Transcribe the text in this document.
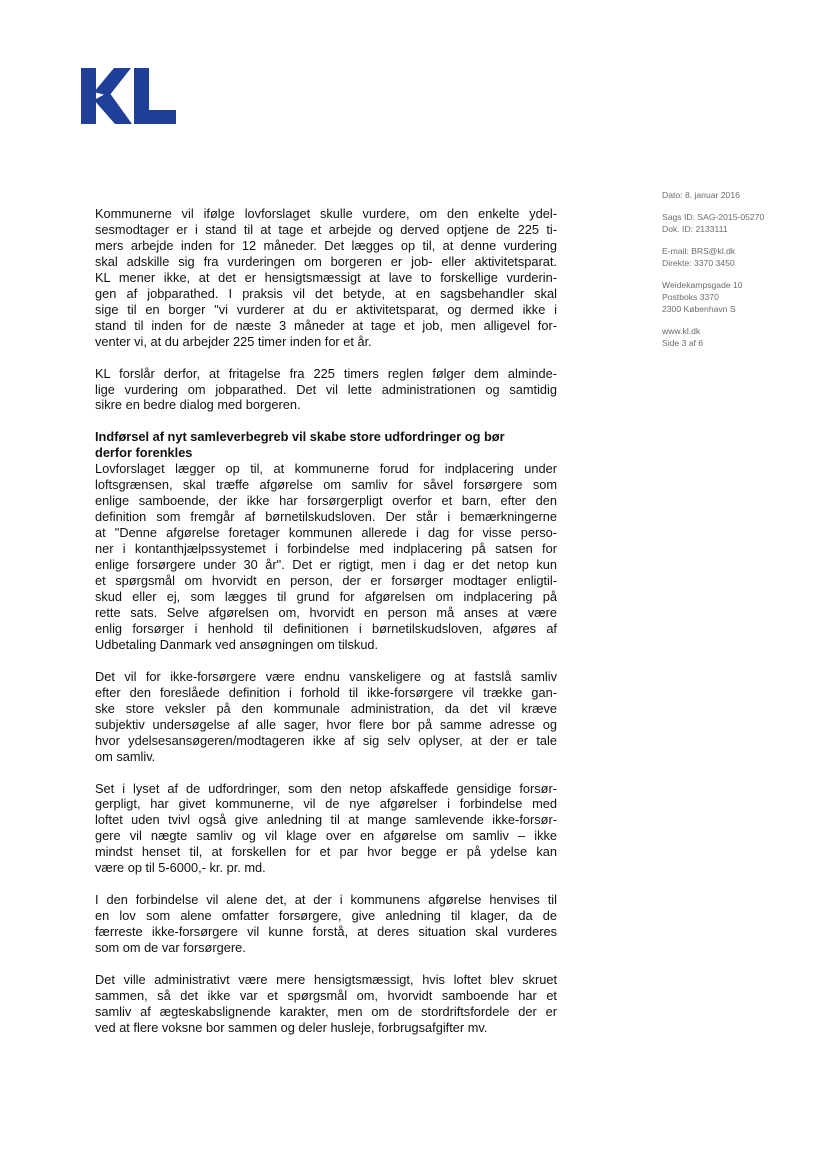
Dato: 8. januar 2016
Sags ID: SAG-2015-05270
Dok. ID: 2133111
E-mail: BRS@kl.dk
Direkte: 3370 3450
Weidekampsgade 10
Postboks 3370
2300 København S
www.kl.dk
Side 3 af 6

Kommunerne vil ifølge lovforslaget skulle vurdere, om den enkelte ydel-
sesmodtager er i stand til at tage et arbejde og derved optjene de 225 ti-
mers arbejde inden for 12 måneder. Det lægges op til, at denne vurdering
skal adskille sig fra vurderingen om borgeren er job- eller aktivitetsparat.
KL mener ikke, at det er hensigtsmæssigt at lave to forskellige vurderin-
gen af jobparathed. I praksis vil det betyde, at en sagsbehandler skal
sige til en borger "vi vurderer at du er aktivitetsparat, og dermed ikke i
stand til inden for de næste 3 måneder at tage et job, men alligevel for-
venter vi, at du arbejder 225 timer inden for et år.

KL forslår derfor, at fritagelse fra 225 timers reglen følger dem alminde-
lige vurdering om jobparathed. Det vil lette administrationen og samtidig
sikre en bedre dialog med borgeren.

Indførsel af nyt samleverbegreb vil skabe store udfordringer og bør
derfor forenkles

Lovforslaget lægger op til, at kommunerne forud for indplacering under
loftsgrænsen, skal træffe afgørelse om samliv for såvel forsørgere som
enlige samboende, der ikke har forsørgerpligt overfor et barn, efter den
definition som fremgår af børnetilskudsloven. Der står i bemærkningerne
at "Denne afgørelse foretager kommunen allerede i dag for visse perso-
ner i kontanthjælpssystemet i forbindelse med indplacering på satsen for
enlige forsørgere under 30 år". Det er rigtigt, men i dag er det netop kun
et spørgsmål om hvorvidt en person, der er forsørger modtager enligtil-
skud eller ej, som lægges til grund for afgørelsen om indplacering på
rette sats. Selve afgørelsen om, hvorvidt en person må anses at være
enlig forsørger i henhold til definitionen i børnetilskudsloven, afgøres af
Udbetaling Danmark ved ansøgningen om tilskud.

Det vil for ikke-forsørgere være endnu vanskeligere og at fastslå samliv
efter den foreslåede definition i forhold til ikke-forsørgere vil trække gan-
ske store veksler på den kommunale administration, da det vil kræve
subjektiv undersøgelse af alle sager, hvor flere bor på samme adresse og
hvor ydelsesansøgeren/modtageren ikke af sig selv oplyser, at der er tale
om samliv.

Set i lyset af de udfordringer, som den netop afskaffede gensidige forsør-
gerpligt, har givet kommunerne, vil de nye afgørelser i forbindelse med
loftet uden tvivl også give anledning til at mange samlevende ikke-forsør-
gere vil nægte samliv og vil klage over en afgørelse om samliv – ikke
mindst henset til, at forskellen for et par hvor begge er på ydelse kan
være op til 5-6000,- kr. pr. md.

I den forbindelse vil alene det, at der i kommunens afgørelse henvises til
en lov som alene omfatter forsørgere, give anledning til klager, da de
færreste ikke-forsørgere vil kunne forstå, at deres situation skal vurderes
som om de var forsørgere.

Det ville administrativt være mere hensigtsmæssigt, hvis loftet blev skruet
sammen, så det ikke var et spørgsmål om, hvorvidt samboende har et
samliv af ægteskabslignende karakter, men om de stordriftsfordele der er
ved at flere voksne bor sammen og deler husleje, forbrugsafgifter mv.
